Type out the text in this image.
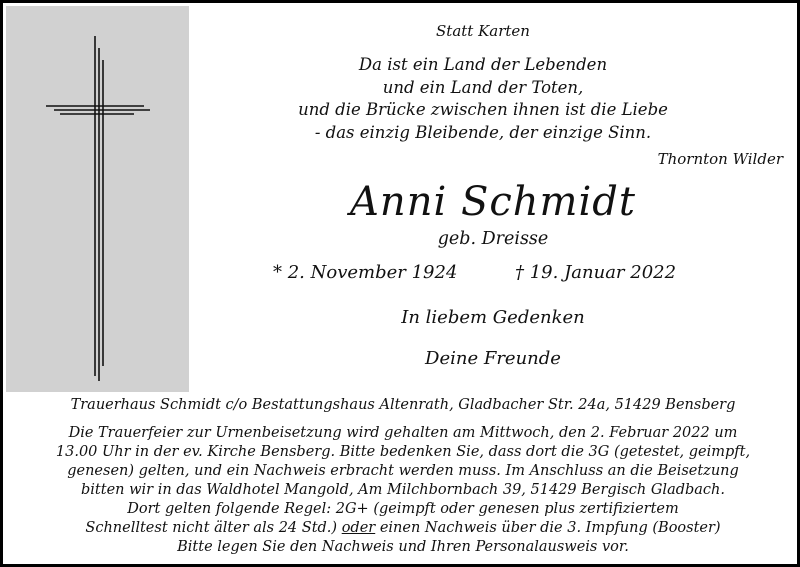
Statt Karten
Da ist ein Land der Lebenden
und ein Land der Toten,
und die Brücke zwischen ihnen ist die Liebe
- das einzig Bleibende, der einzige Sinn.
Thornton Wilder
Anni Schmidt
geb. Dreisse
* 2. November 1924	† 19. Januar 2022
In liebem Gedenken
Deine Freunde
Trauerhaus Schmidt c/o Bestattungshaus Altenrath, Gladbacher Str. 24a, 51429 Bensberg
Die Trauerfeier zur Urnenbeisetzung wird gehalten am Mittwoch, den 2. Februar 2022 um
13.00 Uhr in der ev. Kirche Bensberg. Bitte bedenken Sie, dass dort die 3G (getestet, geimpft,
genesen) gelten, und ein Nachweis erbracht werden muss. Im Anschluss an die Beisetzung
bitten wir in das Waldhotel Mangold, Am Milchbornbach 39, 51429 Bergisch Gladbach.
Dort gelten folgende Regel: 2G+ (geimpft oder genesen plus zertifiziertem
Schnelltest nicht älter als 24 Std.) oder einen Nachweis über die 3. Impfung (Booster)
Bitte legen Sie den Nachweis und Ihren Personalausweis vor.
